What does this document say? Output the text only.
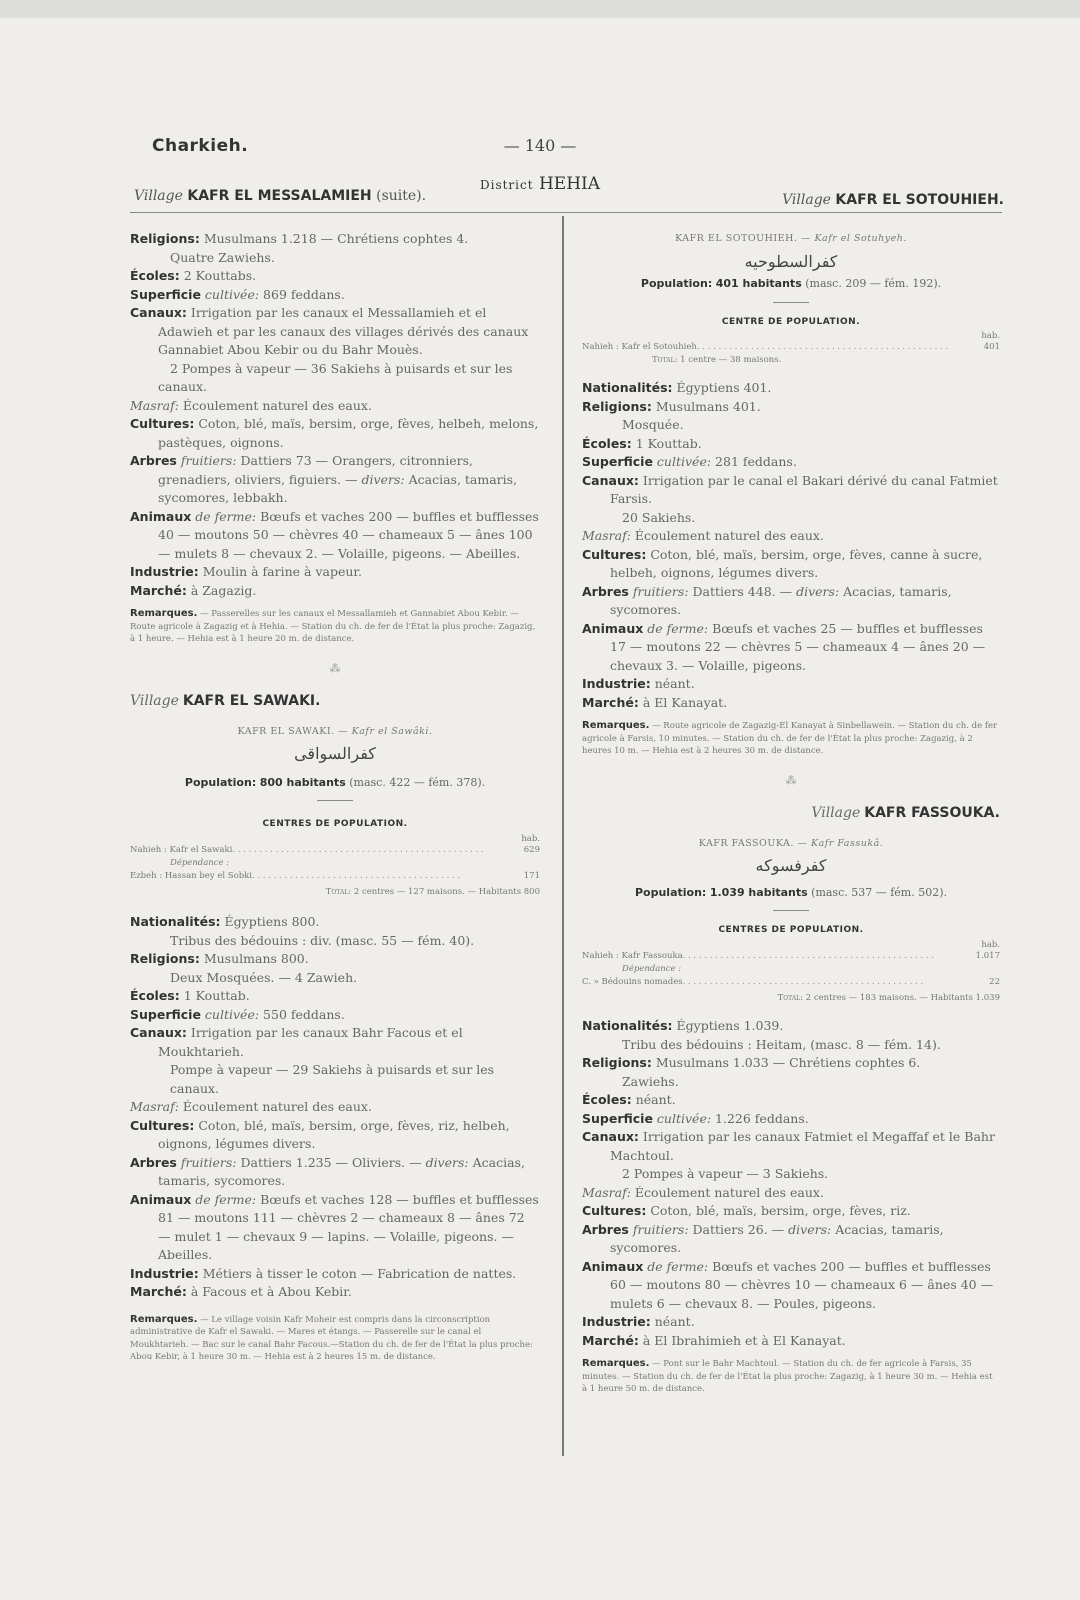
Charkieh.	— 140 —
District HEHIA
Village KAFR EL MESSALAMIEH (suite).	Village KAFR EL SOTOUHIEH.

Religions: Musulmans 1.218 — Chrétiens cophtes 4.

Quatre Zawiehs.

Écoles: 2 Kouttabs.

Superficie cultivée: 869 feddans.

Canaux: Irrigation par les canaux el Messallamieh et el Adawieh et par les canaux des villages dérivés des canaux Gannabiet Abou Kebir ou du Bahr Mouès.

2 Pompes à vapeur — 36 Sakiehs à puisards et sur les canaux.

Masraf: Écoulement naturel des eaux.

Cultures: Coton, blé, maïs, bersim, orge, fèves, helbeh, melons, pastèques, oignons.

Arbres fruitiers: Dattiers 73 — Orangers, citronniers, grenadiers, oliviers, figuiers. — divers: Acacias, tamaris, sycomores, lebbakh.

Animaux de ferme: Bœufs et vaches 200 — buffles et bufflesses 40 — moutons 50 — chèvres 40 — chameaux 5 — ânes 100 — mulets 8 — chevaux 2. — Volaille, pigeons. — Abeilles.

Industrie: Moulin à farine à vapeur.

Marché: à Zagazig.

Remarques. — Passerelles sur les canaux el Messallamieh et Gannabiet Abou Kebir. — Route agricole à Zagazig et à Hehia. — Station du ch. de fer de l'État la plus proche: Zagazig, à 1 heure. — Hehia est à 1 heure 20 m. de distance.

⁂

Village KAFR EL SAWAKI.

KAFR EL SAWAKI. — Kafr el Sawâki.

كفرالسواقى

Population: 800 habitants (masc. 422 — fém. 378).

CENTRES DE POPULATION.

hab.
Nahieh : Kafr el Sawaki . . . . . . . . . . . . . . . . . . . . . . . . . . . . . . . . . . . . . . . . . . . . . . .	629
Dépendance :
Ezbeh : Hassan bey el Sobki . . . . . . . . . . . . . . . . . . . . . . . . . . . . . . . . . . . . . . .	171
Total: 2 centres — 127 maisons. — Habitants 800

Nationalités: Égyptiens 800.

Tribus des bédouins : div. (masc. 55 — fém. 40).

Religions: Musulmans 800.

Deux Mosquées. — 4 Zawieh.

Écoles: 1 Kouttab.

Superficie cultivée: 550 feddans.

Canaux: Irrigation par les canaux Bahr Facous et el Moukhtarieh.

Pompe à vapeur — 29 Sakiehs à puisards et sur les canaux.

Masraf: Écoulement naturel des eaux.

Cultures: Coton, blé, maïs, bersim, orge, fèves, riz, helbeh, oignons, légumes divers.

Arbres fruitiers: Dattiers 1.235 — Oliviers. — divers: Acacias, tamaris, sycomores.

Animaux de ferme: Bœufs et vaches 128 — buffles et bufflesses 81 — moutons 111 — chèvres 2 — chameaux 8 — ânes 72 — mulet 1 — chevaux 9 — lapins. — Volaille, pigeons. — Abeilles.

Industrie: Métiers à tisser le coton — Fabrication de nattes.

Marché: à Facous et à Abou Kebir.

Remarques. — Le village voisin Kafr Moheir est compris dans la circonscription administrative de Kafr el Sawaki. — Mares et étangs. — Passerelle sur le canal el Moukhtarieh. — Bac sur le canal Bahr Facous.—Station du ch. de fer de l'État la plus proche: Abou Kebir, à 1 heure 30 m. — Hehia est à 2 heures 15 m. de distance.

KAFR EL SOTOUHIEH. — Kafr el Sotuhyeh.

كفرالسطوحيه

Population: 401 habitants (masc. 209 — fém. 192).

CENTRE DE POPULATION.

hab.
Nahieh : Kafr el Sotouhieh . . . . . . . . . . . . . . . . . . . . . . . . . . . . . . . . . . . . . . . . . . . . . . .	401
Total : 1 centre — 38 maisons.

Nationalités: Égyptiens 401.

Religions: Musulmans 401.

Mosquée.

Écoles: 1 Kouttab.

Superficie cultivée: 281 feddans.

Canaux: Irrigation par le canal el Bakari dérivé du canal Fatmiet Farsis.

20 Sakiehs.

Masraf: Écoulement naturel des eaux.

Cultures: Coton, blé, maïs, bersim, orge, fèves, canne à sucre, helbeh, oignons, légumes divers.

Arbres fruitiers: Dattiers 448. — divers: Acacias, tamaris, sycomores.

Animaux de ferme: Bœufs et vaches 25 — buffles et bufflesses 17 — moutons 22 — chèvres 5 — chameaux 4 — ânes 20 — chevaux 3. — Volaille, pigeons.

Industrie: néant.

Marché: à El Kanayat.

Remarques. — Route agricole de Zagazig-El Kanayat à Sinbellawein. — Station du ch. de fer agricole à Farsis, 10 minutes. — Station du ch. de fer de l'État la plus proche: Zagazig, à 2 heures 10 m. — Hehia est à 2 heures 30 m. de distance.

⁂

Village KAFR FASSOUKA.

KAFR FASSOUKA. — Kafr Fassukâ.

كفرفسوكه

Population: 1.039 habitants (masc. 537 — fém. 502).

CENTRES DE POPULATION.

hab.
Nahieh : Kafr Fassouka . . . . . . . . . . . . . . . . . . . . . . . . . . . . . . . . . . . . . . . . . . . . . . .	1.017
Dépendance :
C. » Bédouins nomades . . . . . . . . . . . . . . . . . . . . . . . . . . . . . . . . . . . . . . . . . . . . .	22
Total: 2 centres — 183 maisons. — Habitants 1.039

Nationalités: Égyptiens 1.039.

Tribu des bédouins : Heitam, (masc. 8 — fém. 14).

Religions: Musulmans 1.033 — Chrétiens cophtes 6.

Zawiehs.

Écoles: néant.

Superficie cultivée: 1.226 feddans.

Canaux: Irrigation par les canaux Fatmiet el Megaffaf et le Bahr Machtoul.

2 Pompes à vapeur — 3 Sakiehs.

Masraf: Écoulement naturel des eaux.

Cultures: Coton, blé, maïs, bersim, orge, fèves, riz.

Arbres fruitiers: Dattiers 26. — divers: Acacias, tamaris, sycomores.

Animaux de ferme: Bœufs et vaches 200 — buffles et bufflesses 60 — moutons 80 — chèvres 10 — chameaux 6 — ânes 40 — mulets 6 — chevaux 8. — Poules, pigeons.

Industrie: néant.

Marché: à El Ibrahimieh et à El Kanayat.

Remarques. — Pont sur le Bahr Machtoul. — Station du ch. de fer agricole à Farsis, 35 minutes. — Station du ch. de fer de l'État la plus proche: Zagazig, à 1 heure 30 m. — Hehia est à 1 heure 50 m. de distance.
